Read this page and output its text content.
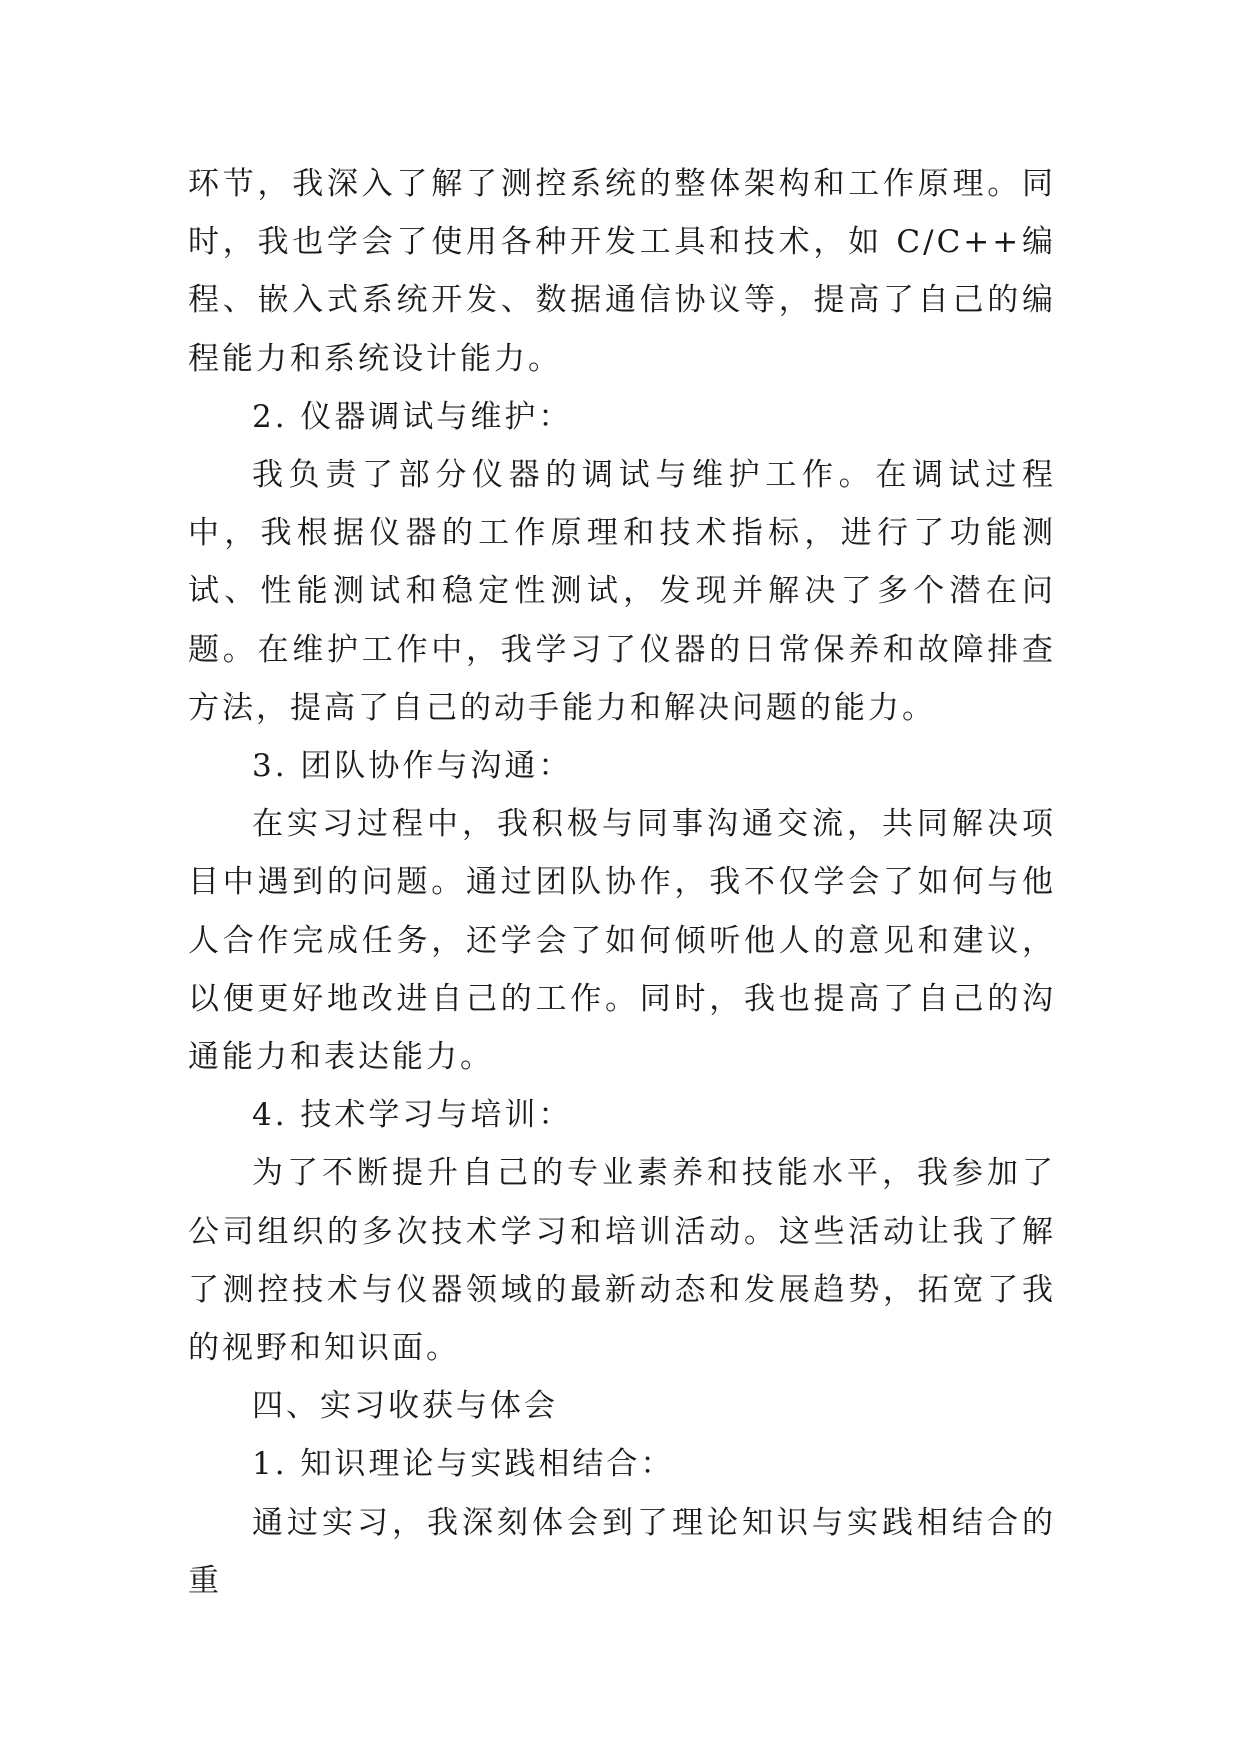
环节，我深入了解了测控系统的整体架构和工作原理。同时，我也学会了使用各种开发工具和技术，如 C/C++编程、嵌入式系统开发、数据通信协议等，提高了自己的编程能力和系统设计能力。

2. 仪器调试与维护：

我负责了部分仪器的调试与维护工作。在调试过程中，我根据仪器的工作原理和技术指标，进行了功能测试、性能测试和稳定性测试，发现并解决了多个潜在问题。在维护工作中，我学习了仪器的日常保养和故障排查方法，提高了自己的动手能力和解决问题的能力。

3. 团队协作与沟通：

在实习过程中，我积极与同事沟通交流，共同解决项目中遇到的问题。通过团队协作，我不仅学会了如何与他人合作完成任务，还学会了如何倾听他人的意见和建议，以便更好地改进自己的工作。同时，我也提高了自己的沟通能力和表达能力。

4. 技术学习与培训：

为了不断提升自己的专业素养和技能水平，我参加了公司组织的多次技术学习和培训活动。这些活动让我了解了测控技术与仪器领域的最新动态和发展趋势，拓宽了我的视野和知识面。

四、实习收获与体会

1. 知识理论与实践相结合：

通过实习，我深刻体会到了理论知识与实践相结合的重
